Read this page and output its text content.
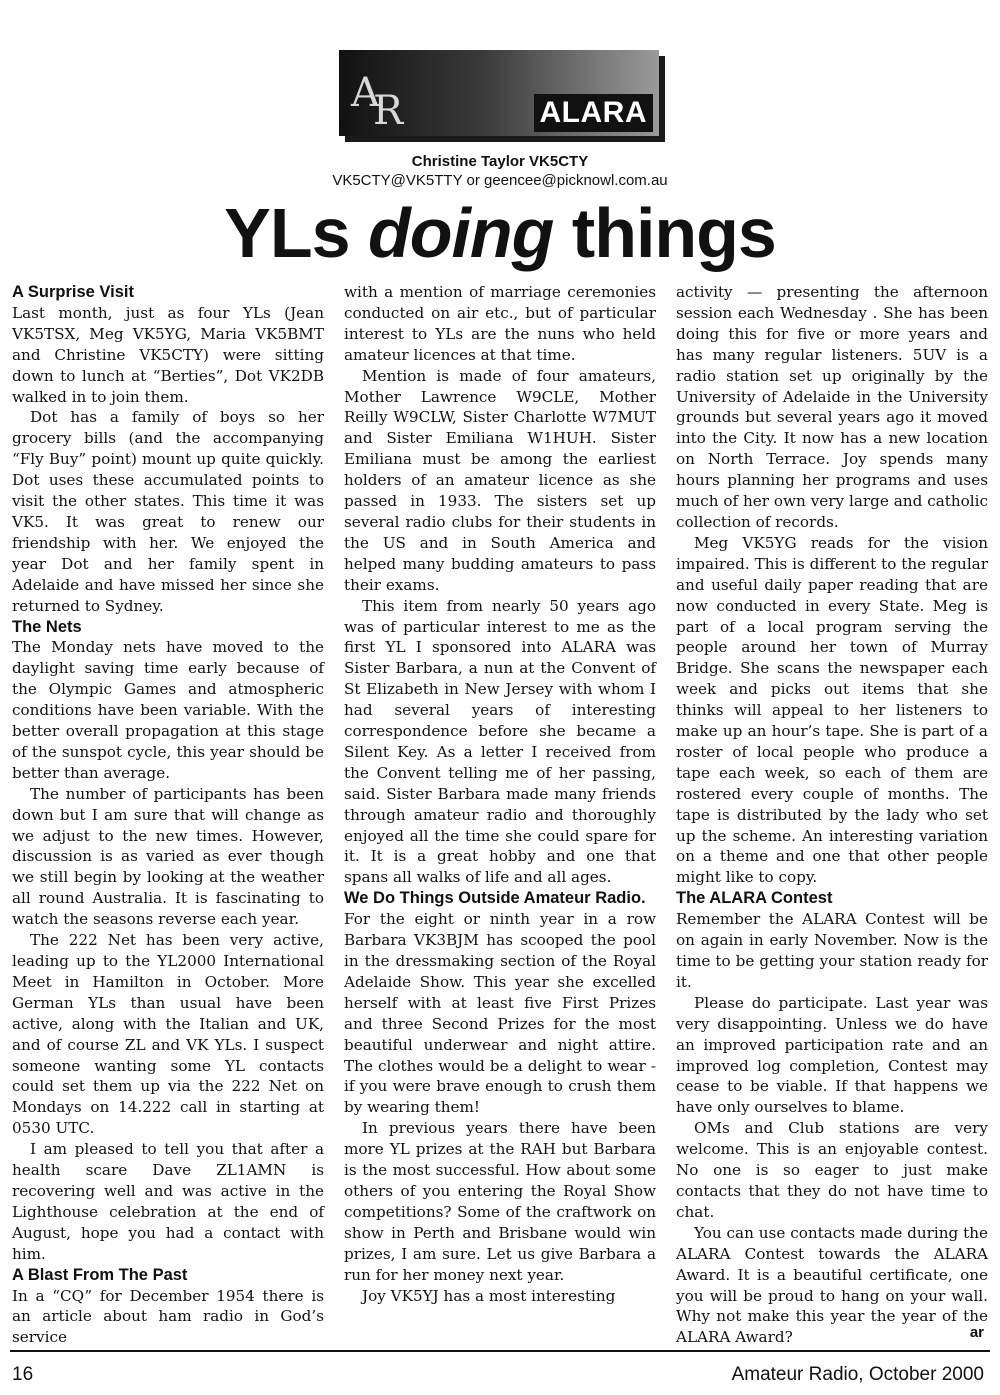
A
R	ALARA
Christine Taylor VK5CTY
VK5CTY@VK5TTY or geencee@picknowl.com.au
YLs doing things
A Surprise Visit

Last month, just as four YLs (Jean VK5TSX, Meg VK5YG, Maria VK5BMT and Christine VK5CTY) were sitting down to lunch at “Berties”, Dot VK2DB walked in to join them.

Dot has a family of boys so her grocery bills (and the accompanying “Fly Buy” point) mount up quite quickly. Dot uses these accumulated points to visit the other states. This time it was VK5. It was great to renew our friendship with her. We enjoyed the year Dot and her family spent in Adelaide and have missed her since she returned to Sydney.

The Nets

The Monday nets have moved to the daylight saving time early because of the Olympic Games and atmospheric conditions have been variable. With the better overall propagation at this stage of the sunspot cycle, this year should be better than average.

The number of participants has been down but I am sure that will change as we adjust to the new times. However, discussion is as varied as ever though we still begin by looking at the weather all round Australia. It is fascinating to watch the seasons reverse each year.

The 222 Net has been very active, leading up to the YL2000 International Meet in Hamilton in October. More German YLs than usual have been active, along with the Italian and UK, and of course ZL and VK YLs. I suspect someone wanting some YL contacts could set them up via the 222 Net on Mondays on 14.222 call in starting at 0530 UTC.

I am pleased to tell you that after a health scare Dave ZL1AMN is recovering well and was active in the Lighthouse celebration at the end of August, hope you had a contact with him.

A Blast From The Past

In a “CQ” for December 1954 there is an article about ham radio in God’s service

with a mention of marriage ceremonies conducted on air etc., but of particular interest to YLs are the nuns who held amateur licences at that time.

Mention is made of four amateurs, Mother Lawrence W9CLE, Mother Reilly W9CLW, Sister Charlotte W7MUT and Sister Emiliana W1HUH. Sister Emiliana must be among the earliest holders of an amateur licence as she passed in 1933. The sisters set up several radio clubs for their students in the US and in South America and helped many budding amateurs to pass their exams.

This item from nearly 50 years ago was of particular interest to me as the first YL I sponsored into ALARA was Sister Barbara, a nun at the Convent of St Elizabeth in New Jersey with whom I had several years of interesting correspondence before she became a Silent Key. As a letter I received from the Convent telling me of her passing, said. Sister Barbara made many friends through amateur radio and thoroughly enjoyed all the time she could spare for it. It is a great hobby and one that spans all walks of life and all ages.

We Do Things Outside Amateur Radio.

For the eight or ninth year in a row Barbara VK3BJM has scooped the pool in the dressmaking section of the Royal Adelaide Show. This year she excelled herself with at least five First Prizes and three Second Prizes for the most beautiful underwear and night attire. The clothes would be a delight to wear - if you were brave enough to crush them by wearing them!

In previous years there have been more YL prizes at the RAH but Barbara is the most successful. How about some others of you entering the Royal Show competitions? Some of the craftwork on show in Perth and Brisbane would win prizes, I am sure. Let us give Barbara a run for her money next year.

Joy VK5YJ has a most interesting

activity — presenting the afternoon session each Wednesday . She has been doing this for five or more years and has many regular listeners. 5UV is a radio station set up originally by the University of Adelaide in the University grounds but several years ago it moved into the City. It now has a new location on North Terrace. Joy spends many hours planning her programs and uses much of her own very large and catholic collection of records.

Meg VK5YG reads for the vision impaired. This is different to the regular and useful daily paper reading that are now conducted in every State. Meg is part of a local program serving the people around her town of Murray Bridge. She scans the newspaper each week and picks out items that she thinks will appeal to her listeners to make up an hour’s tape. She is part of a roster of local people who produce a tape each week, so each of them are rostered every couple of months. The tape is distributed by the lady who set up the scheme. An interesting variation on a theme and one that other people might like to copy.

The ALARA Contest

Remember the ALARA Contest will be on again in early November. Now is the time to be getting your station ready for it.

Please do participate. Last year was very disappointing. Unless we do have an improved participation rate and an improved log completion, Contest may cease to be viable. If that happens we have only ourselves to blame.

OMs and Club stations are very welcome. This is an enjoyable contest. No one is so eager to just make contacts that they do not have time to chat.

You can use contacts made during the ALARA Contest towards the ALARA Award. It is a beautiful certificate, one you will be proud to hang on your wall. Why not make this year the year of the ALARA Award?	ar
16	Amateur Radio, October 2000
